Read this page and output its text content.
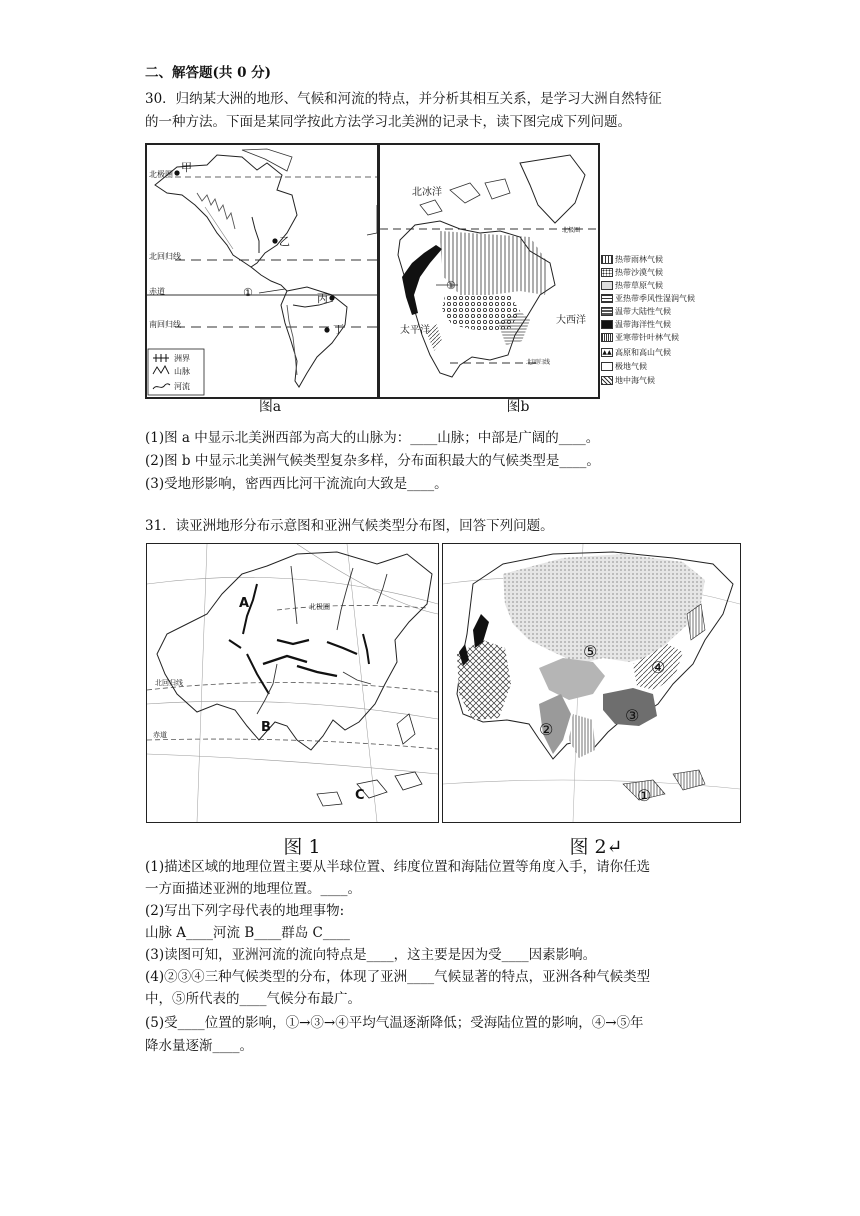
二、解答题(共 0 分)
30．归纳某大洲的地形、气候和河流的特点，并分析其相互关系，是学习大洲自然特征
的一种方法。下面是某同学按此方法学习北美洲的记录卡，读下图完成下列问题。
甲
北极圈
乙
北回归线
赤道	①	丙
南回归线	丁
洲界
山脉
河流
图a
北冰洋
北极圈
①
太平洋
大西洋
北回归线
热带雨林气候
热带沙漠气候
热带草原气候
亚热带季风性湿润气候
温带大陆性气候
温带海洋性气候
亚寒带针叶林气候
▲▲ 高原和高山气候
极地气候
地中海气候
图b
(1)图 a 中显示北美洲西部为高大的山脉为：____山脉；中部是广阔的____。
(2)图 b 中显示北美洲气候类型复杂多样，分布面积最大的气候类型是____。
(3)受地形影响，密西西比河干流流向大致是____。
31．读亚洲地形分布示意图和亚洲气候类型分布图，回答下列问题。
A	北极圈
北回归线
B
赤道
C
图 1
⑤
④
③
②
①
图 2↵
(1)描述区域的地理位置主要从半球位置、纬度位置和海陆位置等角度入手，请你任选
一方面描述亚洲的地理位置。____。
(2)写出下列字母代表的地理事物:
山脉 A____河流 B____群岛 C____
(3)读图可知，亚洲河流的流向特点是____，这主要是因为受____因素影响。
(4)②③④三种气候类型的分布，体现了亚洲____气候显著的特点，亚洲各种气候类型
中，⑤所代表的____气候分布最广。
(5)受____位置的影响，①→③→④平均气温逐渐降低；受海陆位置的影响，④→⑤年
降水量逐渐____。
